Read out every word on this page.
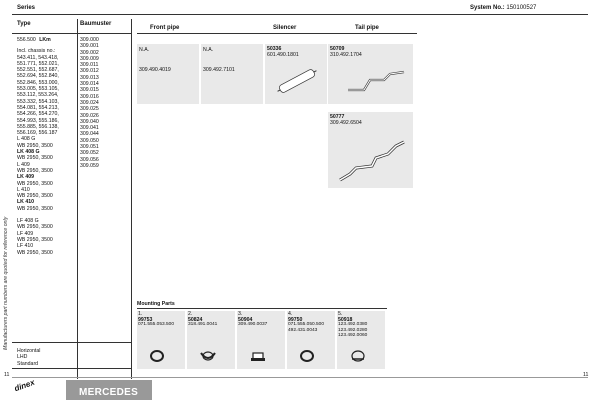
Series	System No.: 150100527
Type	Baumuster
Front pipe	Silencer	Tail pipe
Manufacturers part numbers are quoted for reference only
556.500 LKm
Incl. chassis no.:
543.411, 543.418,
551.771, 552.021,
552.551, 552.687,
552.694, 552.840,
552.846, 553.000,
553.005, 553.105,
553.112, 553.264,
553.332, 554.103,
554.081, 554.213,
554.266, 554.270,
554.993, 555.186,
555.885, 556.138,
556.169, 556.187
L 408 G
WB 2950, 3500
LK 408 G
WB 2950, 3500
L 409
WB 2950, 3500
LK 409
WB 2950, 3500
L 410
WB 2950, 3500
LK 410
WB 2950, 3500
LF 408 G
WB 2950, 3500
LF 409
WB 2950, 3500
LF 410
WB 2950, 3500
Horizontal
LHD
Standard
309.000
309.001
309.002
309.009
309.011
309.012
309.013
309.014
309.015
309.016
309.024
309.025
309.026
309.040
309.041
309.044
309.050
309.051
309.052
309.056
309.059
N.A.
309.490.4019
N.A.
309.492.7101
50336
601.490.1801
50709
310.492.1704
50777
309.492.6504
Mounting Parts
1.
99753
071.555.053.500
2.
50824
318.491.0041
3.
50904
309.490.0037
4.
99750
071.555.050.500
492.431.0043
5.
50918
123.492.0380
123.492.0280
123.492.0060
11	11
dinex	MERCEDES
